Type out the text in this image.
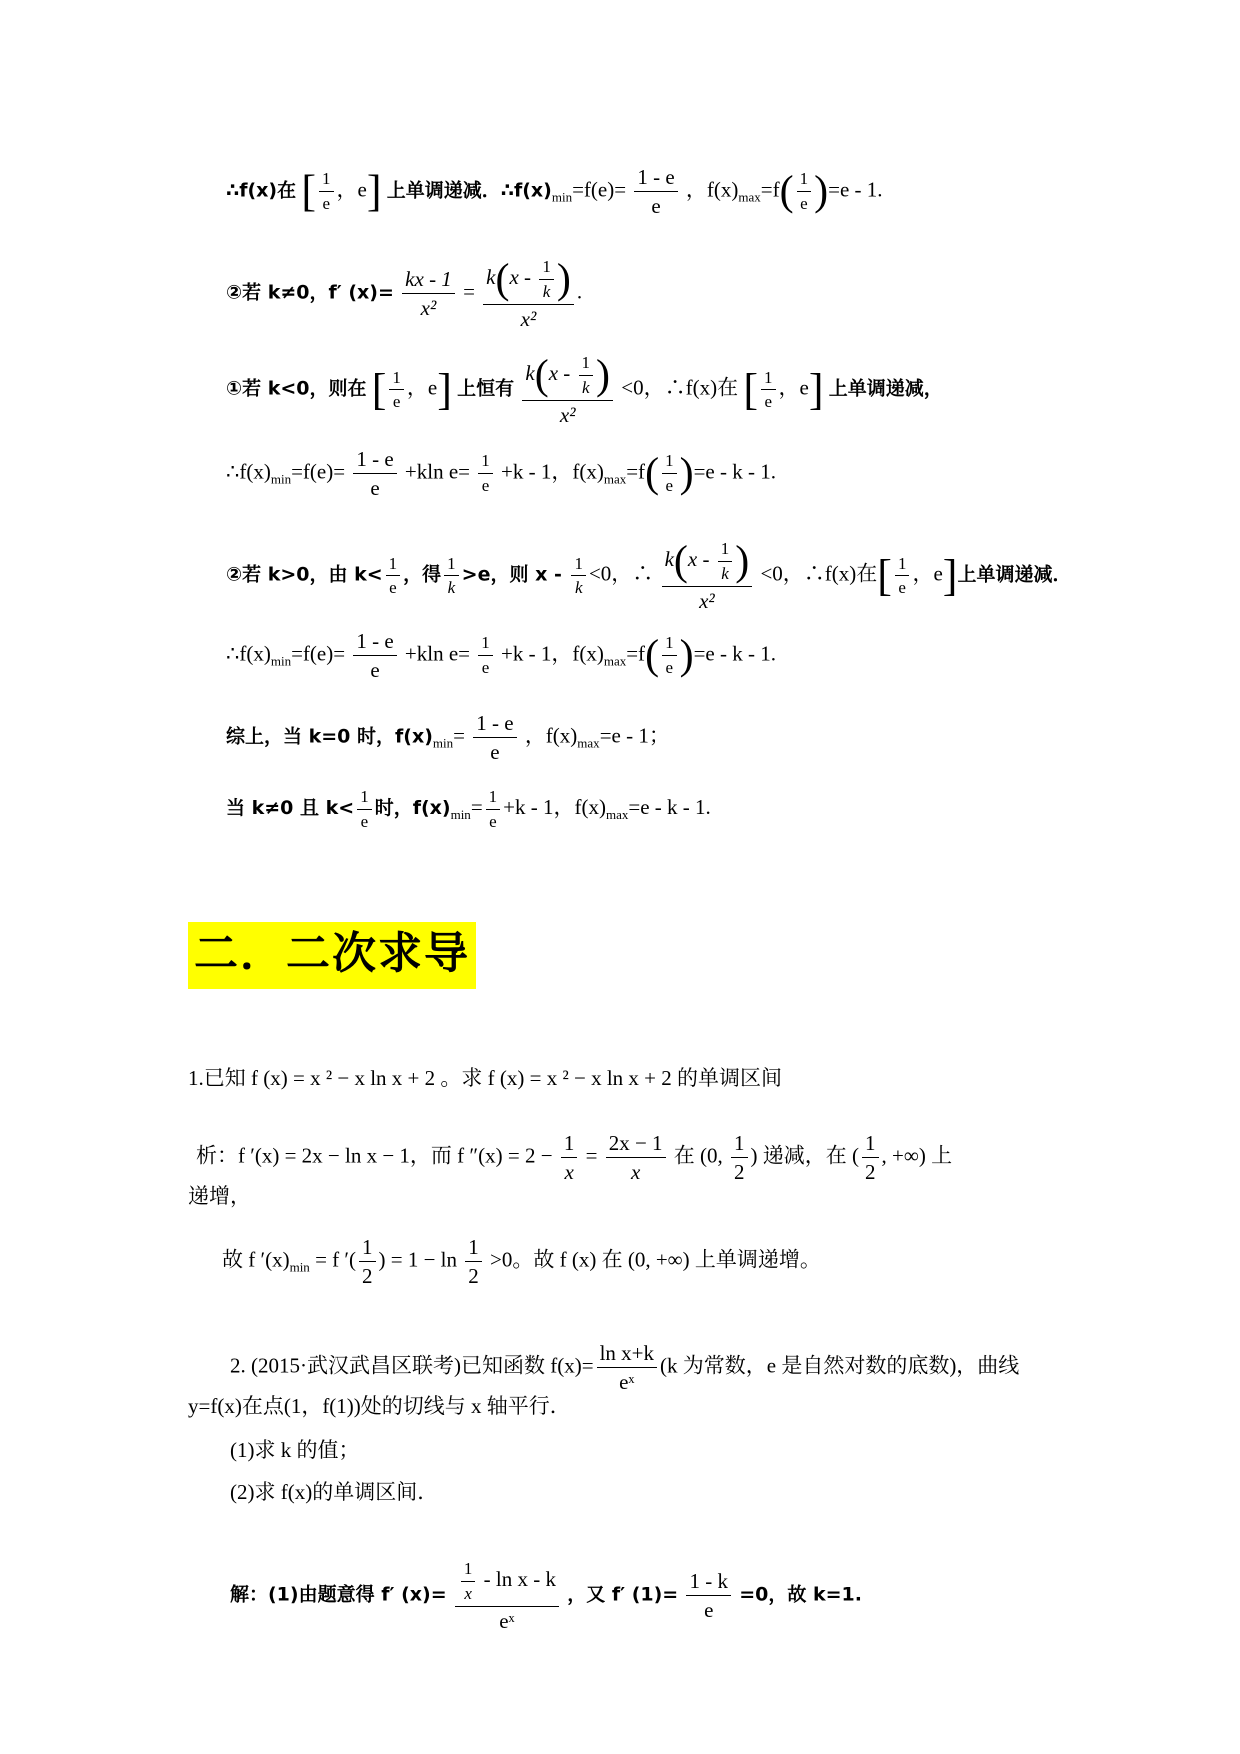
∴f(x)在 [ $\frac{1}{e}$ ，e] 上单调递减．$\therefore f(x)_{min}=f(e)= \frac{1 - e}{e}$ ，$f(x)_{max}=f( \frac{1}{e} )=e - 1$.
②若 k≠0，f′ $(x)= \frac{kx - 1}{\text{x²}} = \frac{k(x - \frac{1}{k} )}{\text{x²}}$ .
①若 k<0，则在 [ $\frac{1}{e}$ ，e] 上恒有 $\frac{k(x - \frac{1}{k} )}{\text{x²}} <0$，∴f(x)在 [ $\frac{1}{e}$ ，e] 上单调递减，
$\therefore f(x)_{min}=f(e)= \frac{1 - e}{e} +kln$ $e= \frac{1}{e} +k - 1$，$f(x)_{max}=f( \frac{1}{e} )=e - k - 1$.
②若 k>0，由 $k< \frac{1}{e}$ ，得 $\frac{1}{k} >e$，则 $x - \frac{1}{k} <0$，∴ $\frac{k(x - \frac{1}{k} )}{\text{x²}} <0$，∴f(x)在[ $\frac{1}{e}$ ，e]上单调递减．
$\therefore f(x)_{min}=f(e)= \frac{1 - e}{e} +kln$ $e= \frac{1}{e} +k - 1$，$f(x)_{max}=f( \frac{1}{e} )=e - k - 1$.
综上，当 k=0 时，$f(x)_{min}= \frac{1 - e}{e}$ ，$f(x)_{max}=e - 1$；
当 k≠0 且 $k< \frac{1}{e}$ 时，$f(x)_{min}= \frac{1}{e} +k - 1$，$f(x)_{max}=e - k - 1$.
二．二次求导
1.已知 f (x) = x ² − x ln x + 2 。求 f (x) = x ² − x ln x + 2 的单调区间
析：f ′(x) = 2x − ln x − 1，而 f $''(x) = 2 - \frac{1}{x} = \frac{2x - 1}{x}$ 在 (0, $\frac{1}{2}$ ) 递减，在 ( $\frac{1}{2}$ , +∞) 上
递增，
故 f $'(x)_{min} = f$ ′( $\frac{1}{2}$ ) = $1 - \ln \frac{1}{2} >0$。故 f (x) 在 (0, +∞) 上单调递增。
2. (2015·武汉武昌区联考)已知函数 $f(x)= \frac{\text{ln x+k}}{\text{eˣ}} (k$ 为常数，e 是自然对数的底数)，曲线
y=f(x)在点(1，f(1))处的切线与 x 轴平行．
(1)求 k 的值；
(2)求 f(x)的单调区间．
解：(1)由题意得 f′ $(x)= \frac{\frac{1}{x} - \ln x - k}{\text{eˣ}}$ ，又 f′ $(1)= \frac{1 - k}{e} =0$，故 k=1.
